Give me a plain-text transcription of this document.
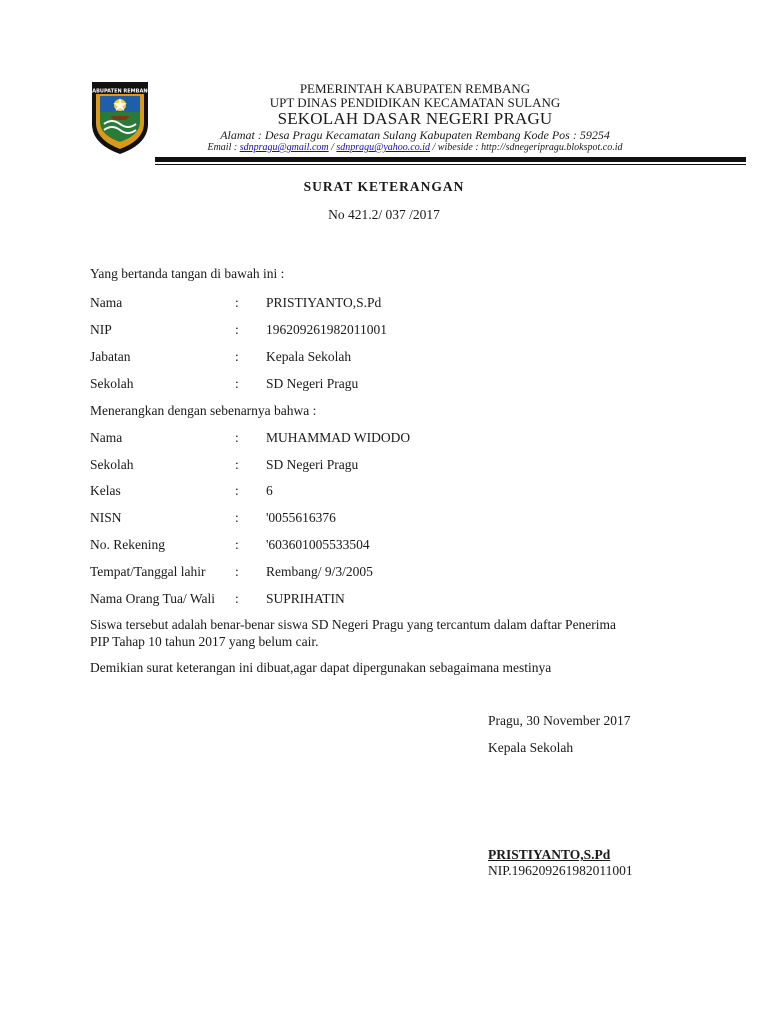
KABUPATEN REMBANG	PEMERINTAH KABUPATEN REMBANG
UPT DINAS PENDIDIKAN KECAMATAN SULANG
SEKOLAH DASAR NEGERI PRAGU
Alamat : Desa Pragu Kecamatan Sulang Kabupaten Rembang Kode Pos : 59254
Email : sdnpragu@gmail.com / sdnpragu@yahoo.co.id / wibeside : http://sdnegeripragu.blokspot.co.id
SURAT KETERANGAN
No 421.2/ 037 /2017
Yang bertanda tangan di bawah ini :
Nama	: PRISTIYANTO,S.Pd
NIP	: 196209261982011001
Jabatan	: Kepala Sekolah
Sekolah	: SD Negeri Pragu
Menerangkan dengan sebenarnya bahwa :
Nama	: MUHAMMAD WIDODO
Sekolah	: SD Negeri Pragu
Kelas	: 6
NISN	: '0055616376
No. Rekening	: '603601005533504
Tempat/Tanggal lahir : Rembang/ 9/3/2005
Nama Orang Tua/ Wali : SUPRIHATIN
Siswa tersebut adalah benar-benar siswa SD Negeri Pragu yang tercantum dalam daftar Penerima
PIP Tahap 10 tahun 2017 yang belum cair.
Demikian surat keterangan ini dibuat,agar dapat dipergunakan sebagaimana mestinya
Pragu, 30 November 2017
Kepala Sekolah
PRISTIYANTO,S.Pd
NIP.196209261982011001
